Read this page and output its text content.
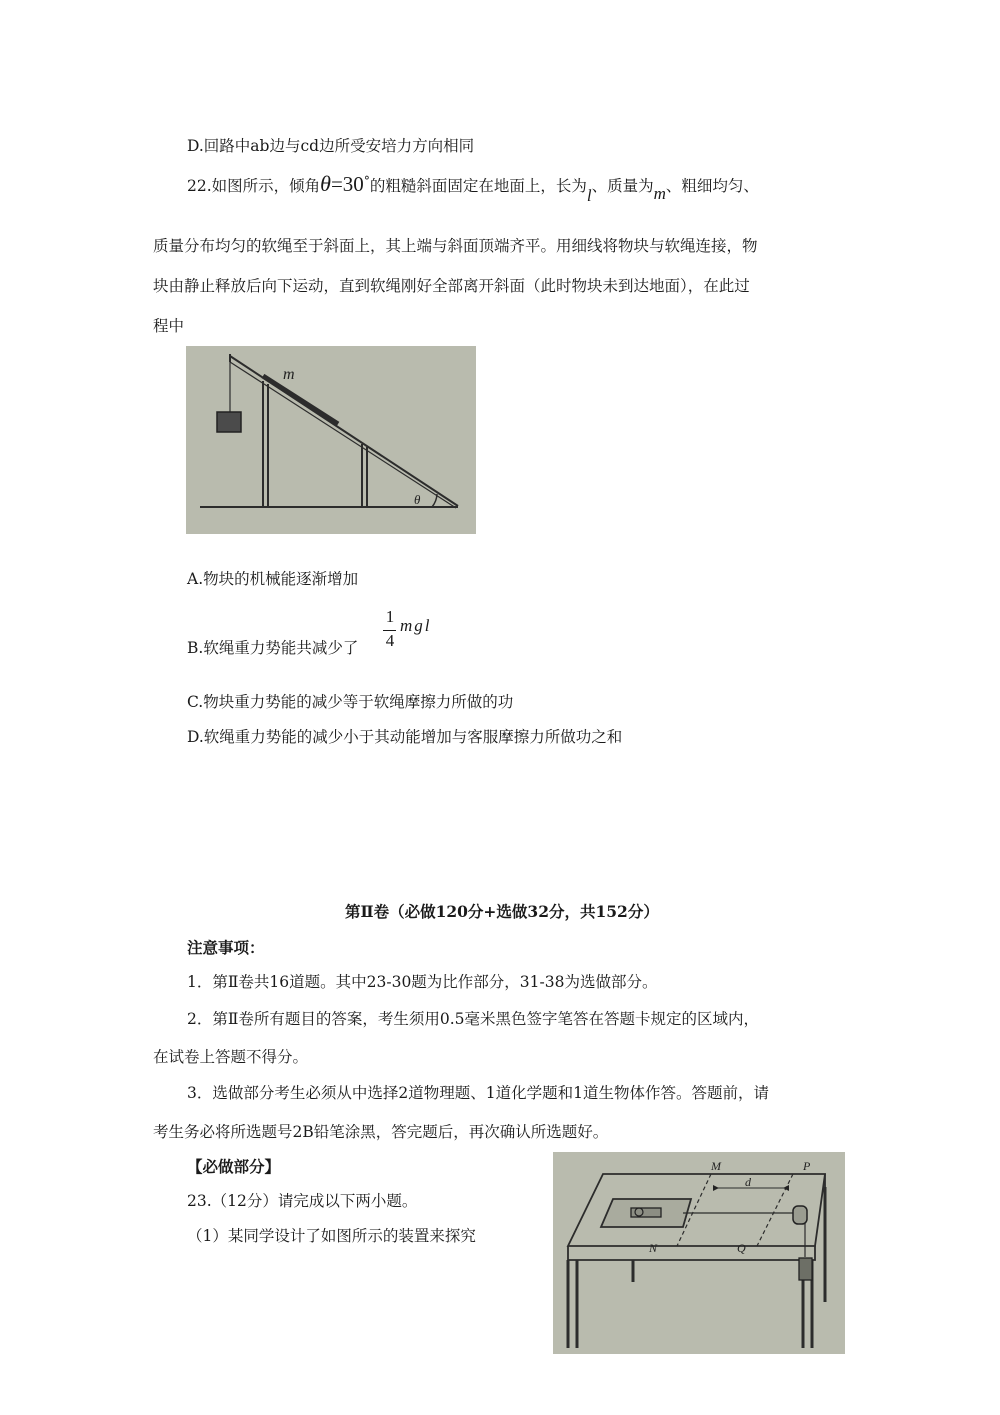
D.回路中ab边与cd边所受安培力方向相同
22.如图所示，倾角θ=30°的粗糙斜面固定在地面上，长为l、质量为m、粗细均匀、
质量分布均匀的软绳至于斜面上，其上端与斜面顶端齐平。用细线将物块与软绳连接，物
块由静止释放后向下运动，直到软绳刚好全部离开斜面（此时物块未到达地面），在此过
程中
m
θ
A.物块的机械能逐渐增加
B.软绳重力势能共减少了
1
4
mgl
C.物块重力势能的减少等于软绳摩擦力所做的功
D.软绳重力势能的减少小于其动能增加与客服摩擦力所做功之和
第Ⅱ卷（必做120分+选做32分，共152分）
注意事项：
1．第Ⅱ卷共16道题。其中23-30题为比作部分，31-38为选做部分。
2．第Ⅱ卷所有题目的答案，考生须用0.5毫米黑色签字笔答在答题卡规定的区域内，
在试卷上答题不得分。
3．选做部分考生必须从中选择2道物理题、1道化学题和1道生物体作答。答题前，请
考生务必将所选题号2B铅笔涂黑，答完题后，再次确认所选题好。
【必做部分】
23.（12分）请完成以下两小题。
（1）某同学设计了如图所示的装置来探究
M	P
d
N	Q
